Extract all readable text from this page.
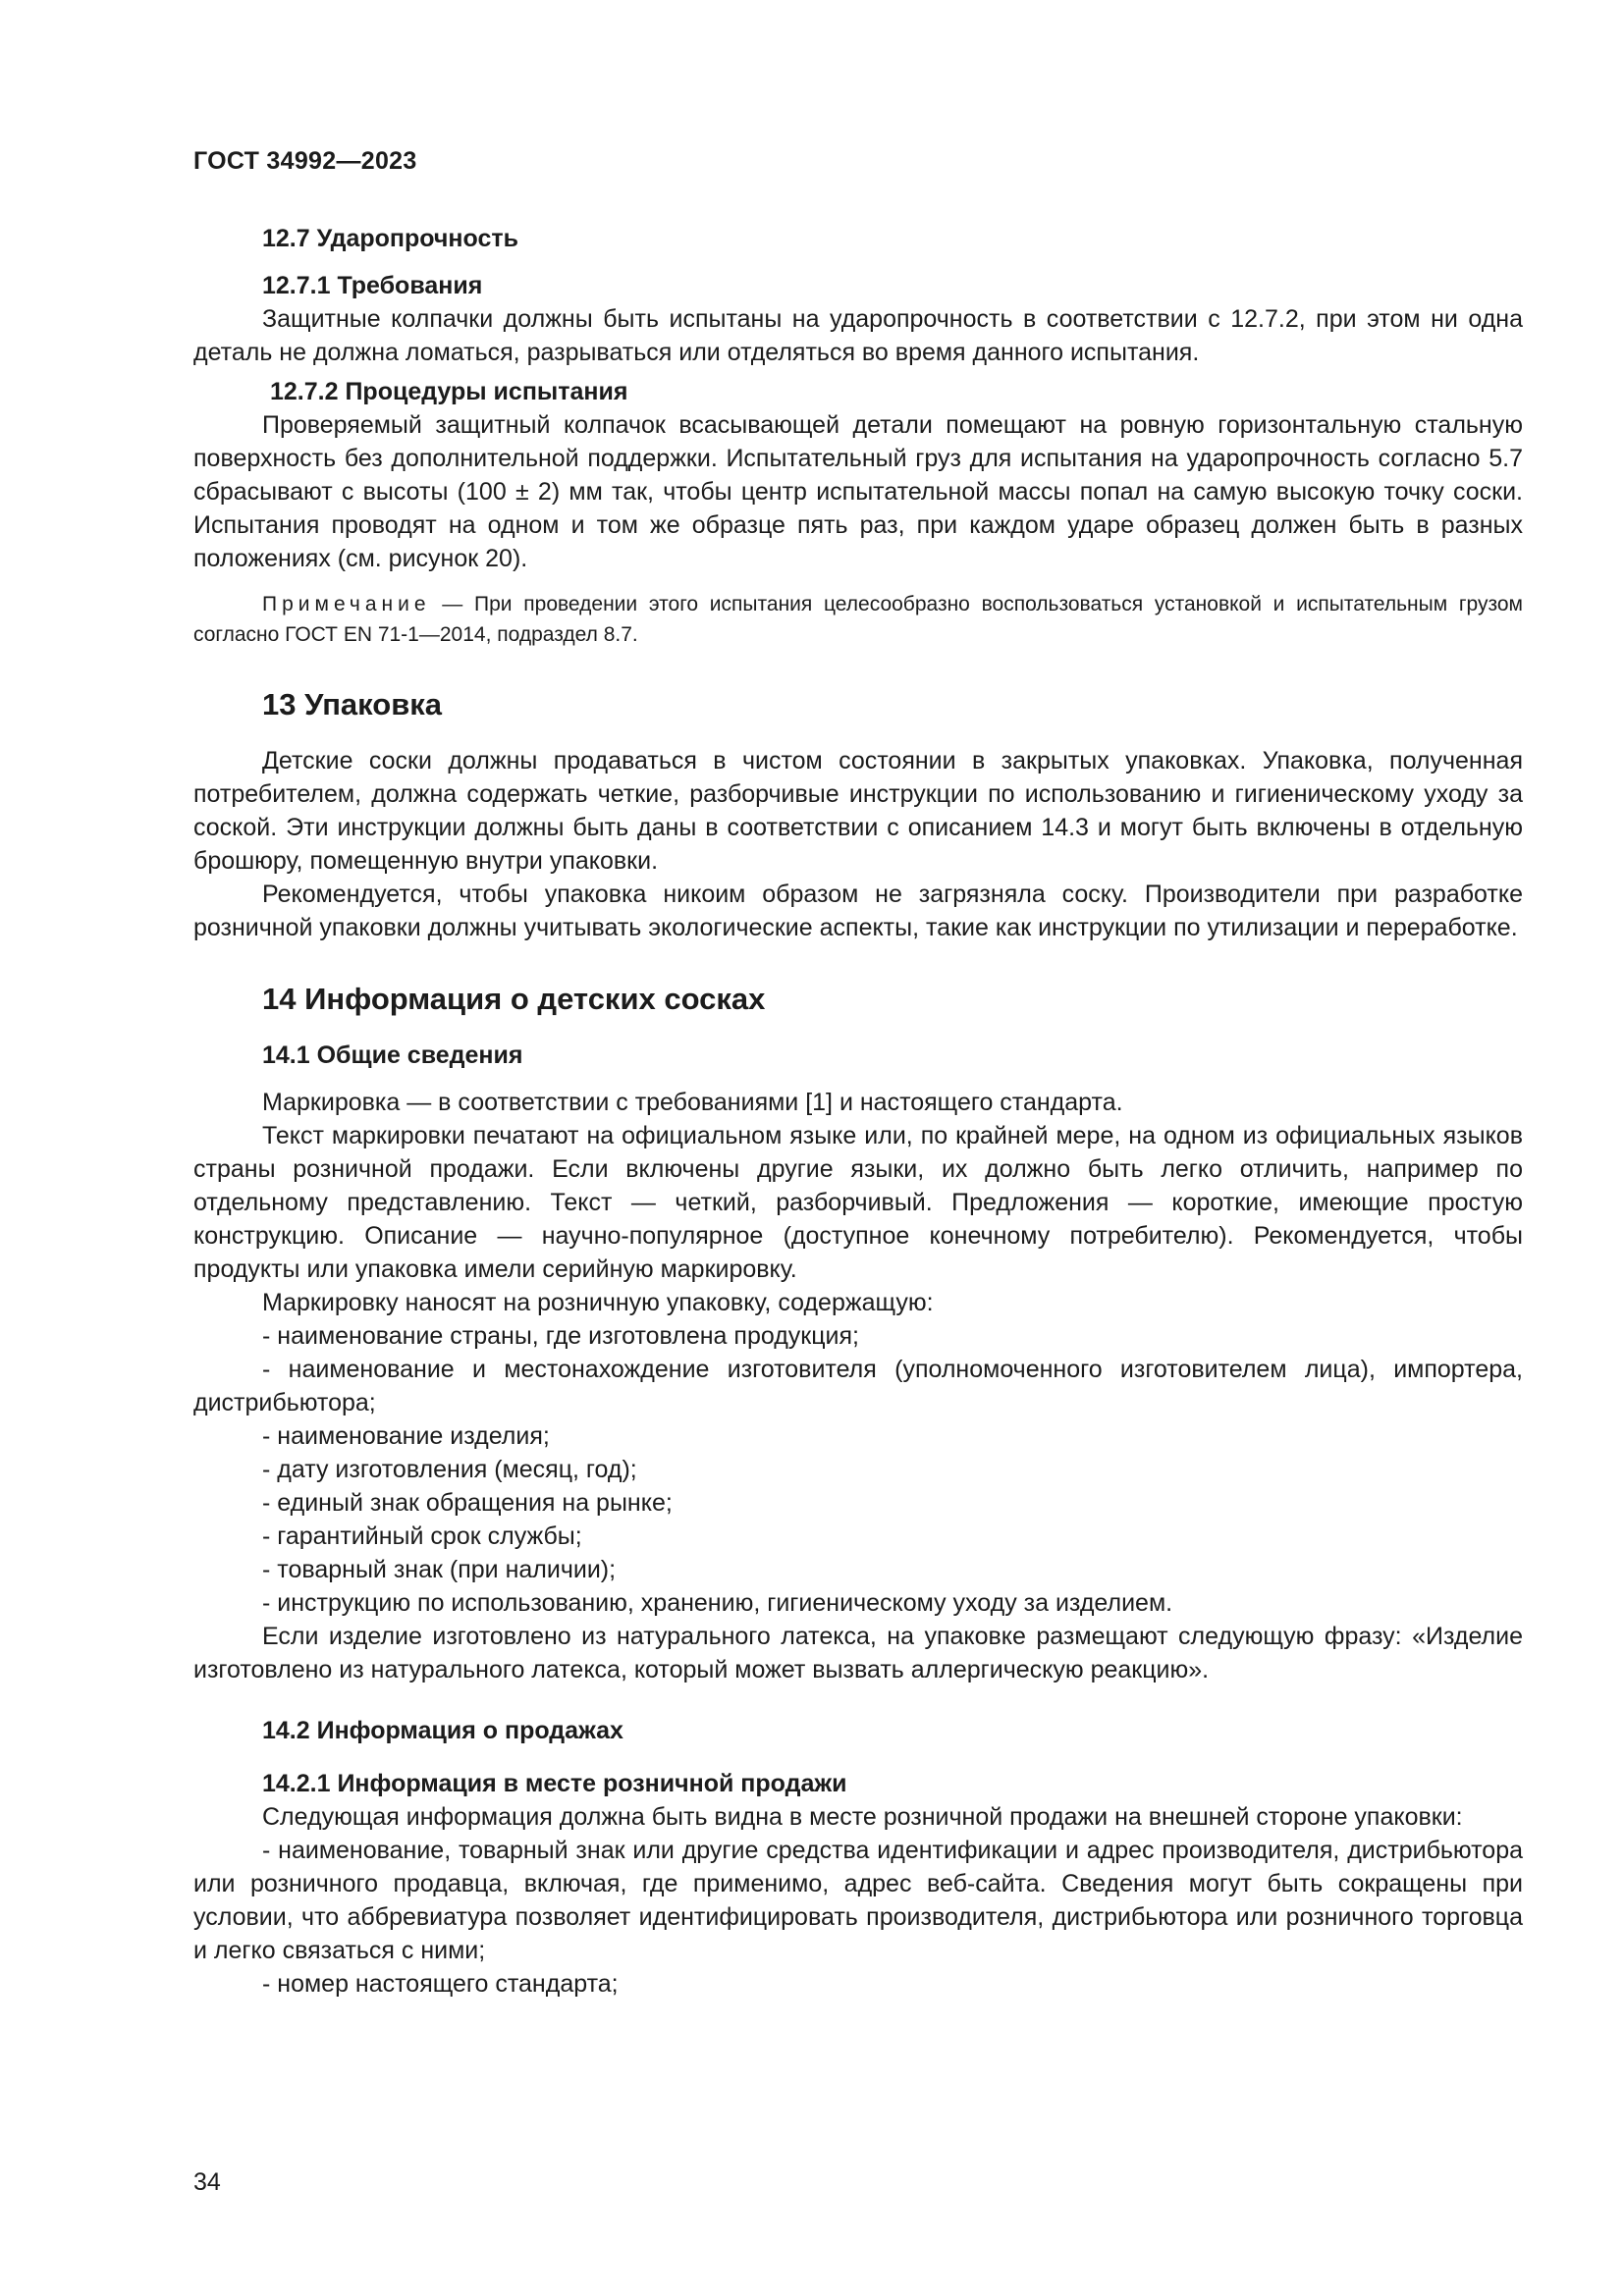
ГОСТ 34992—2023
12.7 Ударопрочность
12.7.1 Требования

Защитные колпачки должны быть испытаны на ударопрочность в соответствии с 12.7.2, при этом ни одна деталь не должна ломаться, разрываться или отделяться во время данного испытания.

12.7.2 Процедуры испытания

Проверяемый защитный колпачок всасывающей детали помещают на ровную горизонтальную стальную поверхность без дополнительной поддержки. Испытательный груз для испытания на ударопрочность согласно 5.7 сбрасывают с высоты (100 ± 2) мм так, чтобы центр испытательной массы попал на самую высокую точку соски. Испытания проводят на одном и том же образце пять раз, при каждом ударе образец должен быть в разных положениях (см. рисунок 20).

Примечание — При проведении этого испытания целесообразно воспользоваться установкой и испытательным грузом согласно ГОСТ EN 71-1—2014, подраздел 8.7.
13 Упаковка

Детские соски должны продаваться в чистом состоянии в закрытых упаковках. Упаковка, полученная потребителем, должна содержать четкие, разборчивые инструкции по использованию и гигиеническому уходу за соской. Эти инструкции должны быть даны в соответствии с описанием 14.3 и могут быть включены в отдельную брошюру, помещенную внутри упаковки.

Рекомендуется, чтобы упаковка никоим образом не загрязняла соску. Производители при разработке розничной упаковки должны учитывать экологические аспекты, такие как инструкции по утилизации и переработке.

14 Информация о детских сосках
14.1 Общие сведения

Маркировка — в соответствии с требованиями [1] и настоящего стандарта.

Текст маркировки печатают на официальном языке или, по крайней мере, на одном из официальных языков страны розничной продажи. Если включены другие языки, их должно быть легко отличить, например по отдельному представлению. Текст — четкий, разборчивый. Предложения — короткие, имеющие простую конструкцию. Описание — научно-популярное (доступное конечному потребителю). Рекомендуется, чтобы продукты или упаковка имели серийную маркировку.

Маркировку наносят на розничную упаковку, содержащую:

- наименование страны, где изготовлена продукция;

- наименование и местонахождение изготовителя (уполномоченного изготовителем лица), импортера, дистрибьютора;

- наименование изделия;

- дату изготовления (месяц, год);

- единый знак обращения на рынке;

- гарантийный срок службы;

- товарный знак (при наличии);

- инструкцию по использованию, хранению, гигиеническому уходу за изделием.

Если изделие изготовлено из натурального латекса, на упаковке размещают следующую фразу: «Изделие изготовлено из натурального латекса, который может вызвать аллергическую реакцию».

14.2 Информация о продажах
14.2.1 Информация в месте розничной продажи

Следующая информация должна быть видна в месте розничной продажи на внешней стороне упаковки:

- наименование, товарный знак или другие средства идентификации и адрес производителя, дистрибьютора или розничного продавца, включая, где применимо, адрес веб-сайта. Сведения могут быть сокращены при условии, что аббревиатура позволяет идентифицировать производителя, дистрибьютора или розничного торговца и легко связаться с ними;

- номер настоящего стандарта;

34
